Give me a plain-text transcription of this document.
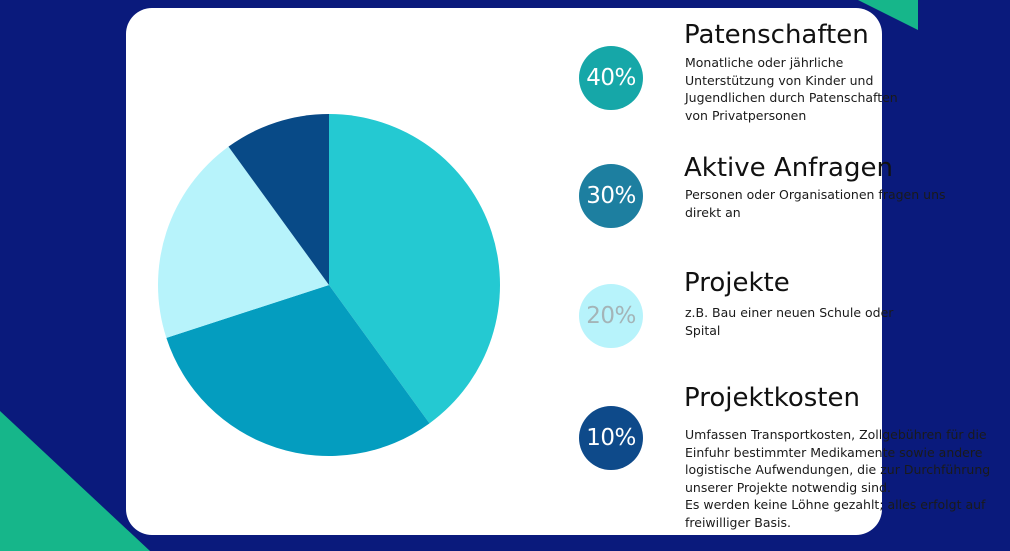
40%
Patenschaften
Monatliche oder jährliche
Unterstützung von Kinder und
Jugendlichen durch Patenschaften
von Privatpersonen
30%
Aktive Anfragen
Personen oder Organisationen fragen uns
direkt an
20%
Projekte
z.B. Bau einer neuen Schule oder
Spital
10%
Projektkosten
Umfassen Transportkosten, Zollgebühren für die
Einfuhr bestimmter Medikamente sowie andere
logistische Aufwendungen, die zur Durchführung
unserer Projekte notwendig sind.
Es werden keine Löhne gezahlt; alles erfolgt auf
freiwilliger Basis.
